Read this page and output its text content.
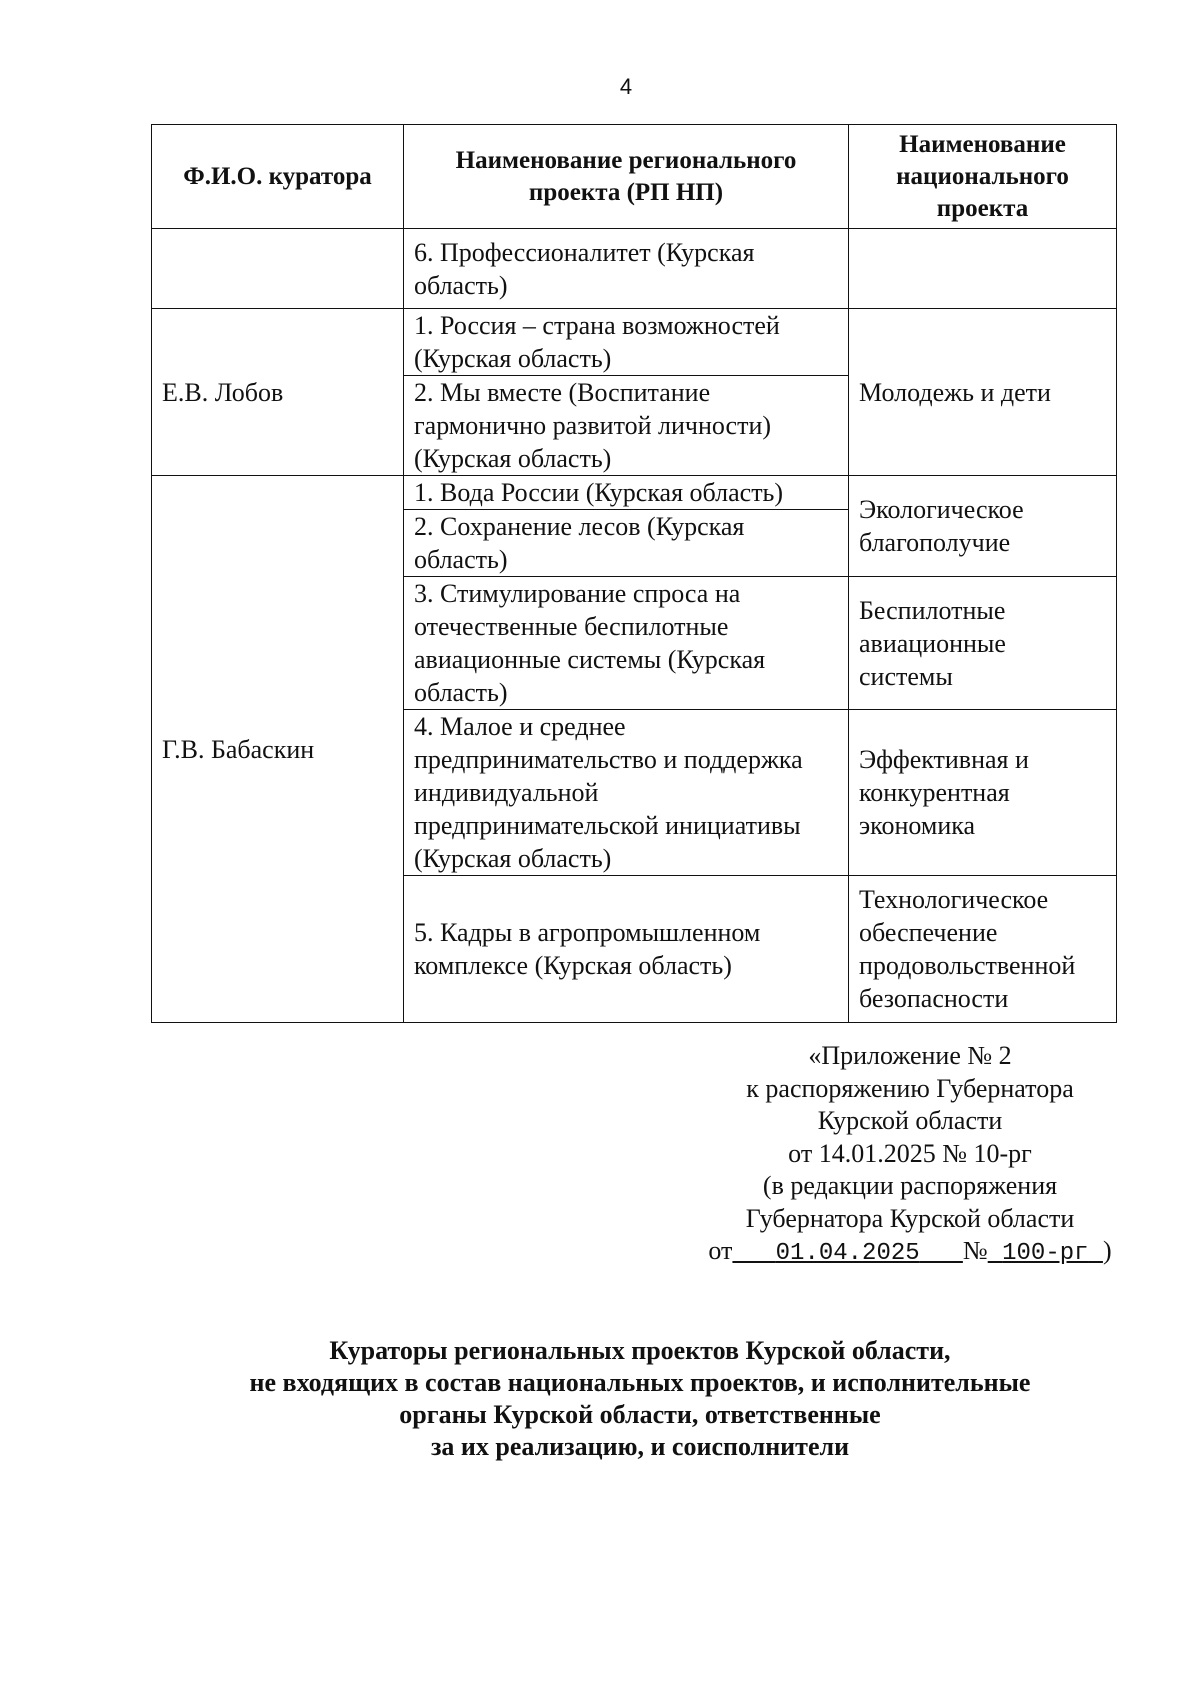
4
Ф.И.О. куратора	Наименование регионального проекта (РП НП)	Наименование национального проекта
	6. Профессионалитет (Курская область)	
Е.В. Лобов	1. Россия – страна возможностей (Курская область)	Молодежь и дети
	2. Мы вместе (Воспитание гармонично развитой личности) (Курская область)	
Г.В. Бабаскин	1. Вода России (Курская область)	Экологическое благополучие
	2. Сохранение лесов (Курская область)	
	3. Стимулирование спроса на отечественные беспилотные авиационные системы (Курская область)	Беспилотные авиационные системы
	4. Малое и среднее предпринимательство и поддержка индивидуальной предпринимательской инициативы (Курская область)	Эффективная и конкурентная экономика
	5. Кадры в агропромышленном комплексе (Курская область)	Технологическое обеспечение продовольственной безопасности
«Приложение № 2
к распоряжению Губернатора
Курской области
от 14.01.2025 № 10-рг
(в редакции распоряжения
Губернатора Курской области
от 01.04.2025 № 100-рг )
Кураторы региональных проектов Курской области,
не входящих в состав национальных проектов, и исполнительные
органы Курской области, ответственные
за их реализацию, и соисполнители
